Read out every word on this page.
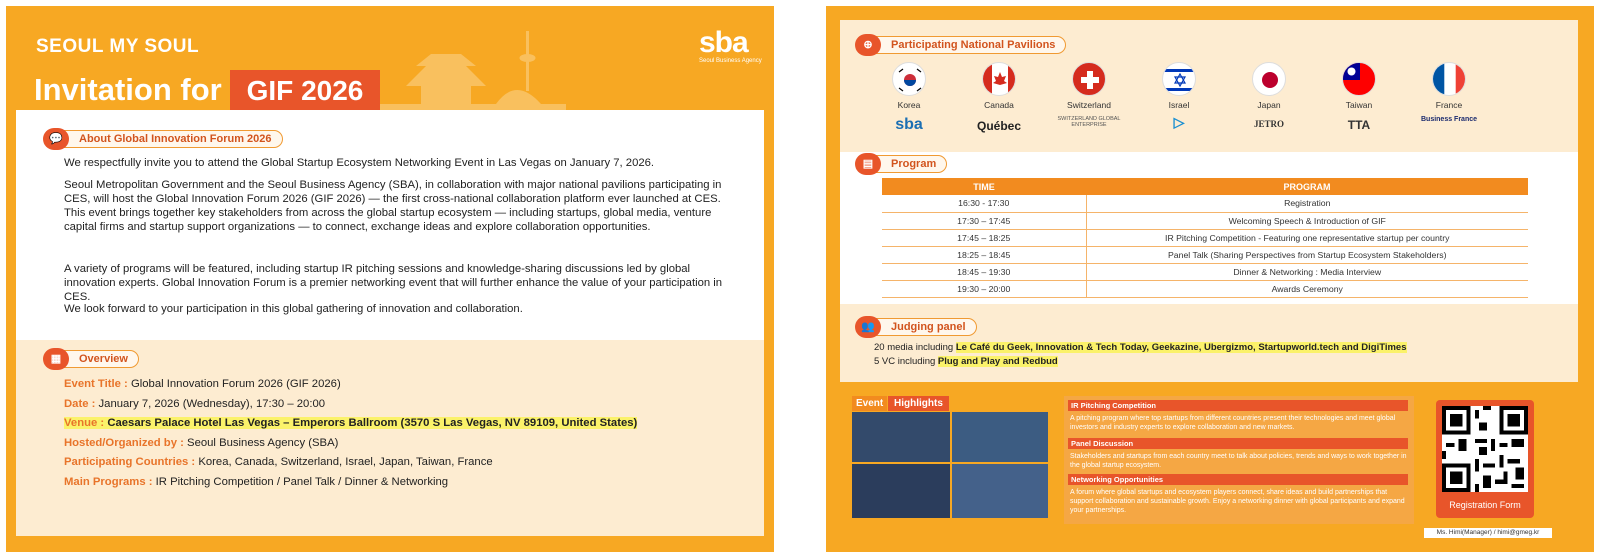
SEOUL MY SOUL	sba
Seoul Business Agency
Invitation for GIF 2026
💬	About Global Innovation Forum 2026
We respectfully invite you to attend the Global Startup Ecosystem Networking Event in Las Vegas on January 7, 2026.
Seoul Metropolitan Government and the Seoul Business Agency (SBA), in collaboration with major national pavilions participating in CES, will host the Global Innovation Forum 2026 (GIF 2026) — the first cross-national collaboration platform ever launched at CES. This event brings together key stakeholders from across the global startup ecosystem — including startups, global media, venture capital firms and startup support organizations — to connect, exchange ideas and explore collaboration opportunities.
A variety of programs will be featured, including startup IR pitching sessions and knowledge-sharing discussions led by global innovation experts. Global Innovation Forum is a premier networking event that will further enhance the value of your participation in CES.
We look forward to your participation in this global gathering of innovation and collaboration.
▦	Overview
Event Title : Global Innovation Forum 2026 (GIF 2026)
Date : January 7, 2026 (Wednesday), 17:30 – 20:00
Venue : Caesars Palace Hotel Las Vegas – Emperors Ballroom (3570 S Las Vegas, NV 89109, United States)
Hosted/Organized by : Seoul Business Agency (SBA)
Participating Countries : Korea, Canada, Switzerland, Israel, Japan, Taiwan, France
Main Programs : IR Pitching Competition / Panel Talk / Dinner & Networking
⊕	Participating National Pavilions
Korea	Canada	Switzerland	Israel	Japan	Taiwan	France
sba	Québec	SWITZERLAND GLOBAL ENTERPRISE	▷	JETRO	TTA	Business France
▤	Program
TIME	PROGRAM
16:30 - 17:30	Registration
17:30 – 17:45	Welcoming Speech & Introduction of GIF
17:45 – 18:25	IR Pitching Competition - Featuring one representative startup per country
18:25 – 18:45	Panel Talk (Sharing Perspectives from Startup Ecosystem Stakeholders)
18:45 – 19:30	Dinner & Networking : Media Interview
19:30 – 20:00	Awards Ceremony
👥	Judging panel
20 media including Le Café du Geek, Innovation & Tech Today, Geekazine, Ubergizmo, Startupworld.tech and DigiTimes
5 VC including Plug and Play and Redbud
Event	Highlights	IR Pitching Competition
A pitching program where top startups from different countries present their technologies and meet global investors and industry experts to explore collaboration and new markets.
Panel Discussion
Stakeholders and startups from each country meet to talk about policies, trends and ways to work together in the global startup ecosystem.
Networking Opportunities
A forum where global startups and ecosystem players connect, share ideas and build partnerships that support collaboration and sustainable growth. Enjoy a networking dinner with global participants and expand your partnerships.
Registration Form
Ms. Himi(Manager) / himi@gmeg.kr
